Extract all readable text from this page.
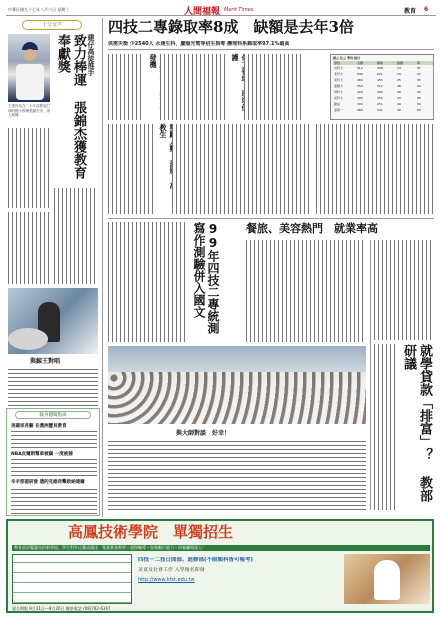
中華民國九十七年八月六日 星期三	人間福報 Merit Times	教育 6
十分女声
王建民站在二十年前教他打球的國小教練張錦杰旁，兩人相擁。
建仔高徒推手
致力棒運 張錦杰獲教育奉獻獎
與鯨王對唱
隨身翻閱點滴
美國家長藝 在澳洲寶貝教育
NBA皮爾斯幫車被竊 一度被捕
辛辛那提研發 德的克維奇擊敗納達爾
四技二專錄取率8成　缺額是去年3倍
供需失衡 少2540人 永達生科、慶陽光電等招生掛零 護理科系錄取率97.1%最高
發機
護	國立 私立 學科 統計
學校	名額	錄取	缺額	率
台科大	512	498	14	97
北科大	640	621	19	97
雲科大	480	455	25	95
高應大	550	512	38	93
屏科大	420	380	40	90
虎科大	395	352	43	89
勤益	300	251	49	84
高第一	280	231	49	83
教生
餐旅、美容熱門　就業率高
99年四技二專統測 寫作測驗併入國文
就學貸款「排富」？ 教部研議
與大師對談　好幸！
高鳳技術學院　單獨招生
教育部評鑑優良的新學校、學生對外比賽成績佳：專業實務教學＋證照輔導＋加強數位能力＋培養職場達人！
四技－二技日間部、進修部(不限類科皆可報考)
美食及社會工作 入學報名即發
http://www.kfst.edu.tw
報名期限 8月21日～8月26日 聯絡電話 (08)782-6367
